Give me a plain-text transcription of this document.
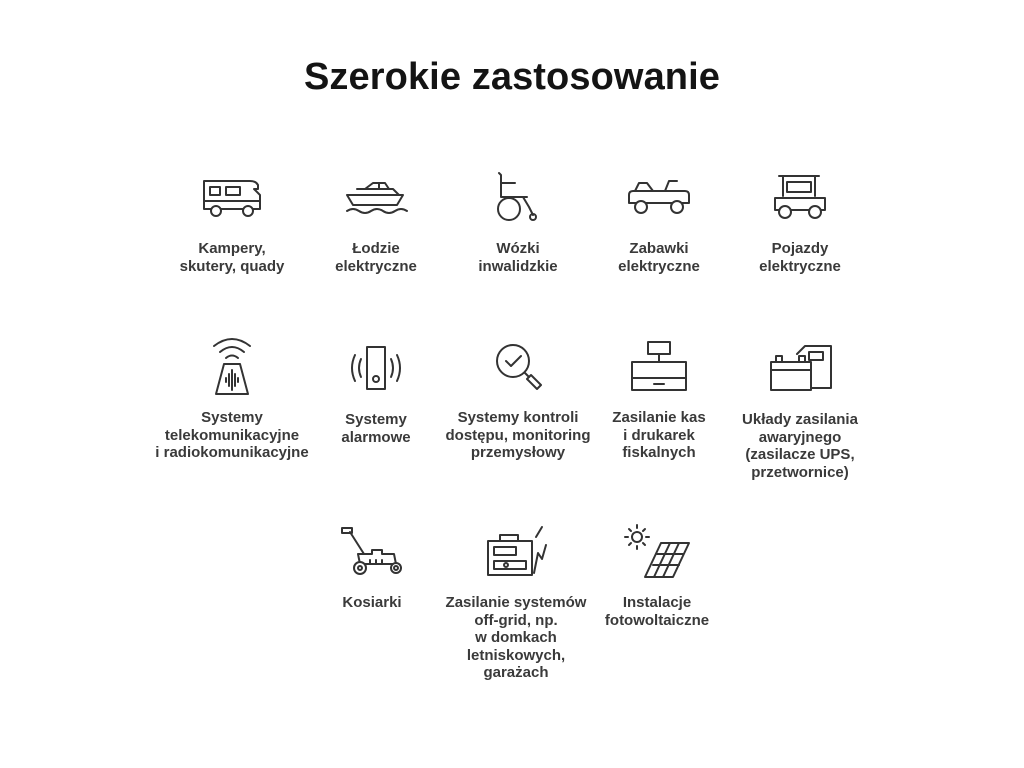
Szerokie zastosowanie
Kampery,
skutery, quady
Łodzie
elektryczne
Wózki
inwalidzkie
Zabawki
elektryczne
Pojazdy
elektryczne
Systemy
telekomunikacyjne
i radiokomunikacyjne
Systemy
alarmowe
Systemy kontroli
dostępu, monitoring
przemysłowy
Zasilanie kas
i drukarek
fiskalnych
Układy zasilania
awaryjnego
(zasilacze UPS,
przetwornice)
Kosiarki	Zasilanie systemów
off-grid, np.
w domkach
letniskowych,
garażach
Instalacje
fotowoltaiczne
